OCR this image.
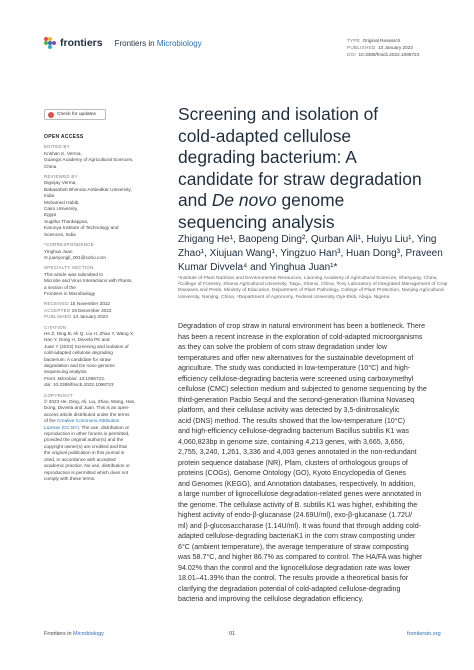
frontiers Frontiers in Microbiology	TYPE Original Research
PUBLISHED 13 January 2023
DOI 10.3389/fmicb.2022.1098723
Check for updates
OPEN ACCESS
EDITED BY
Krishan K. Verma,
Guangxi Academy of Agricultural Sciences,
China
REVIEWED BY
Digvijay Verma,
Babasaheb Bhimrao Ambedkar University,
India
Mohamed Habib,
Cairo University,
Egypt
Sugitha Thankappan,
Karunya Institute of Technology and
Sciences, India
*CORRESPONDENCE
Yinghua Juan
✉ juanyongli_001@sohu.com
SPECIALTY SECTION
This article was submitted to
Microbe and Virus Interactions with Plants,
a section of the
Frontiers in Microbiology
RECEIVED 15 November 2022
ACCEPTED 19 December 2022
PUBLISHED 13 January 2023
CITATION
He Z, Ding B, Ali Q, Liu H, Zhao Y, Wang X,
Han Y, Dong H, Divvela PK and
Juan Y (2023) Screening and isolation of
cold-adapted cellulose degrading
bacterium: A candidate for straw
degradation and De novo genome
sequencing analysis.
Front. Microbiol. 13:1098723.
doi: 10.3389/fmicb.2022.1098723
COPYRIGHT
© 2023 He, Ding, Ali, Liu, Zhao, Wang, Han,
Dong, Divvela and Juan. This is an open-
access article distributed under the terms
of the Creative Commons Attribution
License (CC BY). The use, distribution or
reproduction in other forums is permitted,
provided the original author(s) and the
copyright owner(s) are credited and that
the original publication in this journal is
cited, in accordance with accepted
academic practice. No use, distribution or
reproduction is permitted which does not
comply with these terms.
Screening and isolation of
cold-adapted cellulose
degrading bacterium: A
candidate for straw degradation
and De novo genome
sequencing analysis
Zhigang He¹, Baopeng Ding², Qurban Ali¹, Huiyu Liu¹, Ying Zhao¹, Xiujuan Wang¹, Yingzuo Han³, Huan Dong³, Praveen Kumar Divvela⁴ and Yinghua Juan¹*
¹Institute of Plant Nutrition and Environmental Resources, Liaoning Academy of Agricultural Sciences, Shenyang, China, ²College of Forestry, Shanxi Agricultural University, Taigu, Shanxi, China, ³Key Laboratory of Integrated Management of Crop Diseases and Pests, Ministry of Education, Department of Plant Pathology, College of Plant Protection, Nanjing Agricultural University, Nanjing, China, ⁴Department of Agronomy, Federal University Oye-Ekiti, Abuja, Nigeria
Degradation of crop straw in natural environment has been a bottleneck. There
has been a recent increase in the exploration of cold-adapted microorganisms
as they can solve the problem of corn straw degradation under low
temperatures and offer new alternatives for the sustainable development of
agriculture. The study was conducted in low-temperature (10°C) and high-
efficiency cellulose-degrading bacteria were screened using carboxymethyl
cellulose (CMC) selection medium and subjected to genome sequencing by the
third-generation Pacbio Sequl and the second-generation Illumina Novaseq
platform, and their cellulase activity was detected by 3,5-dinitrosalicylic
acid (DNS) method. The results showed that the low-temperature (10°C)
and high-efficiency cellulose-degrading bacterium Bacillus subtilis K1 was
4,060,823bp in genome size, containing 4,213 genes, with 3,665, 3,656,
2,755, 3,240, 1,261, 3,336 and 4,003 genes annotated in the non-redundant
protein sequence database (NR), Pfam, clusters of orthologous groups of
proteins (COGs), Genome Ontology (GO), Kyoto Encyclopedia of Genes
and Genomes (KEGG), and Annotation databases, respectively. In addition,
a large number of lignocellulose degradation-related genes were annotated in
the genome. The cellulase activity of B. subtilis K1 was higher, exhibiting the
highest activity of endo-β-glucanase (24.69U/ml), exo-β-glucanase (1.72U/
ml) and β-glucosaccharase (1.14U/ml). It was found that through adding cold-
adapted cellulose-degrading bacteriaK1 in the corn straw composting under
6°C (ambient temperature), the average temperature of straw composting
was 58.7°C, and higher 86.7% as compared to control. The HA/FA was higher
94.02% than the control and the lignocellulose degradation rate was lower
18.01–41.39% than the control. The results provide a theoretical basis for
clarifying the degradation potential of cold-adapted cellulose-degrading
bacteria and improving the cellulose degradation efficiency.
Frontiers in Microbiology	01	frontiersin.org
